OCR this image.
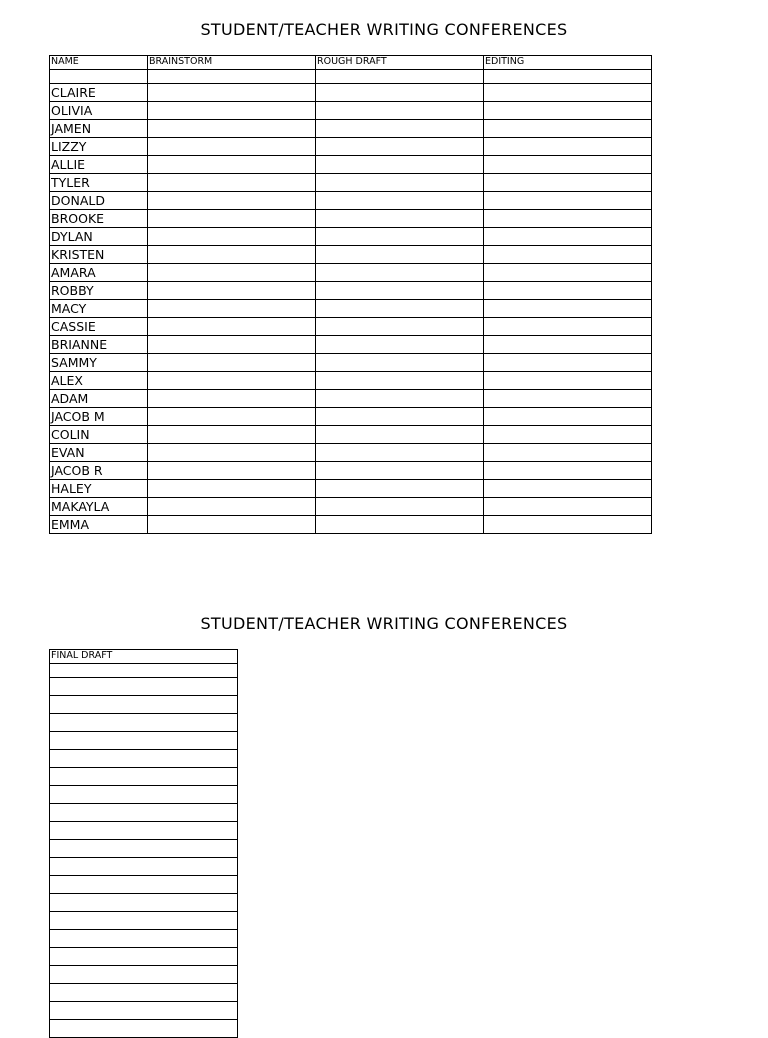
STUDENT/TEACHER WRITING CONFERENCES
NAME	BRAINSTORM	ROUGH DRAFT	EDITING

CLAIRE			
OLIVIA			
JAMEN			
LIZZY			
ALLIE			
TYLER			
DONALD			
BROOKE			
DYLAN			
KRISTEN			
AMARA			
ROBBY			
MACY			
CASSIE			
BRIANNE			
SAMMY			
ALEX			
ADAM			
JACOB M			
COLIN			
EVAN			
JACOB R			
HALEY			
MAKAYLA			
EMMA			
STUDENT/TEACHER WRITING CONFERENCES
FINAL DRAFT
